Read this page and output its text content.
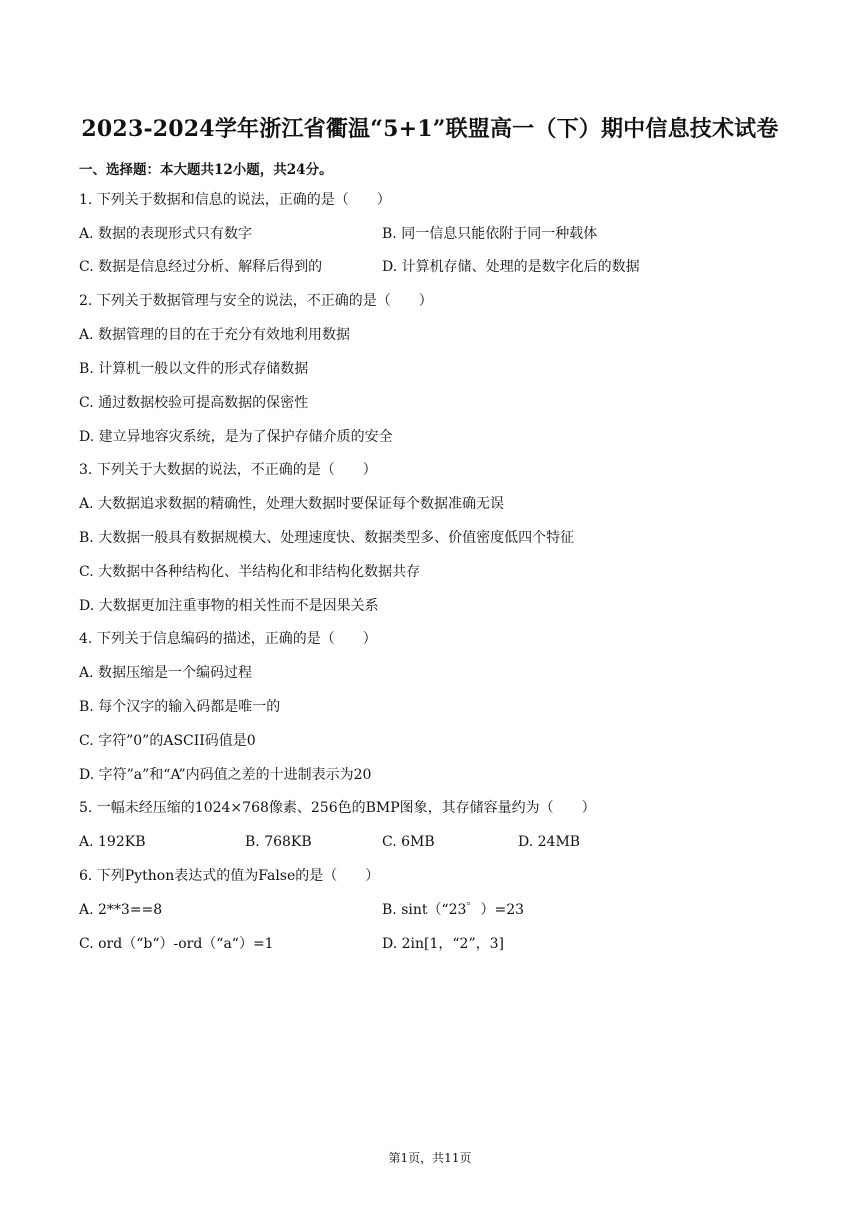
2023-2024学年浙江省衢温“5+1”联盟高一（下）期中信息技术试卷
一、选择题：本大题共12小题，共24分。
1. 下列关于数据和信息的说法，正确的是（　　）
A. 数据的表现形式只有数字	B. 同一信息只能依附于同一种载体
C. 数据是信息经过分析、解释后得到的	D. 计算机存储、处理的是数字化后的数据
2. 下列关于数据管理与安全的说法，不正确的是（　　）
A. 数据管理的目的在于充分有效地利用数据
B. 计算机一般以文件的形式存储数据
C. 通过数据校验可提高数据的保密性
D. 建立异地容灾系统，是为了保护存储介质的安全
3. 下列关于大数据的说法，不正确的是（　　）
A. 大数据追求数据的精确性，处理大数据时要保证每个数据准确无误
B. 大数据一般具有数据规模大、处理速度快、数据类型多、价值密度低四个特征
C. 大数据中各种结构化、半结构化和非结构化数据共存
D. 大数据更加注重事物的相关性而不是因果关系
4. 下列关于信息编码的描述，正确的是（　　）
A. 数据压缩是一个编码过程
B. 每个汉字的输入码都是唯一的
C. 字符”0”的ASCII码值是0
D. 字符”a”和“A”内码值之差的十进制表示为20
5. 一幅未经压缩的1024×768像素、256色的BMP图象，其存储容量约为（　　）
A. 192KB	B. 768KB	C. 6MB	D. 24MB
6. 下列Python表达式的值为False的是（　　）
A. 2**3==8	B. sint（“23゜）=23
C. ord（“b“）-ord（“a“）=1	D. 2in[1，“2”，3]
第1页，共11页
